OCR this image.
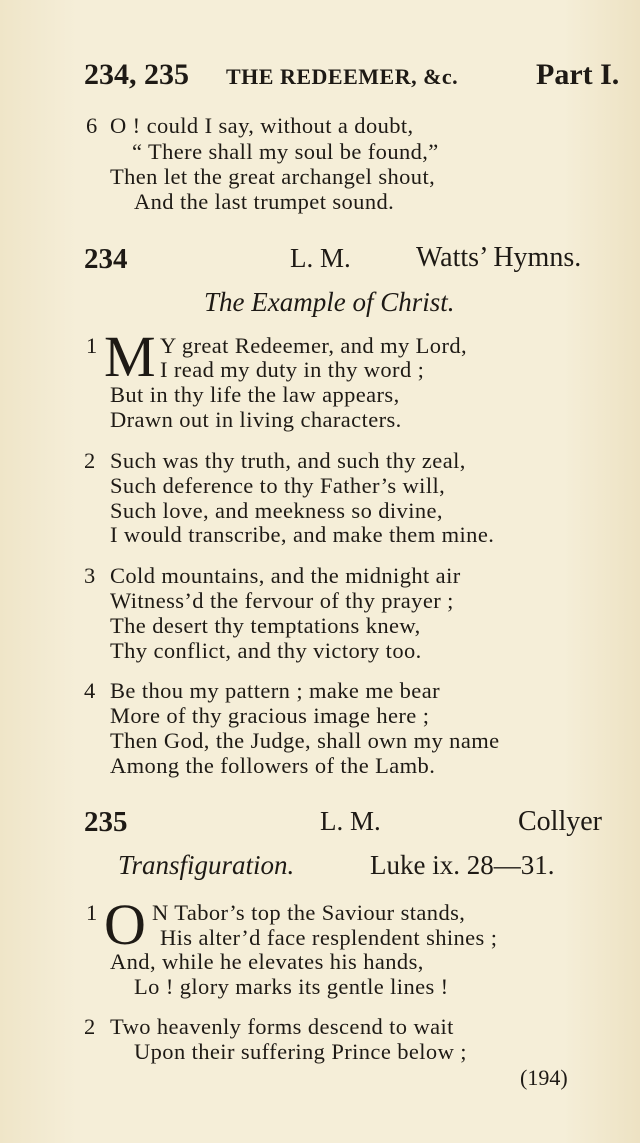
234, 235 THE REDEEMER, &c.	Part I.
6 O ! could I say, without a doubt,
“ There shall my soul be found,”
Then let the great archangel shout,
And the last trumpet sound.
234	L. M. Watts’ Hymns.
The Example of Christ.
1 M Y great Redeemer, and my Lord,
I read my duty in thy word ;
But in thy life the law appears,
Drawn out in living characters.
2 Such was thy truth, and such thy zeal,
Such deference to thy Father’s will,
Such love, and meekness so divine,
I would transcribe, and make them mine.
3 Cold mountains, and the midnight air
Witness’d the fervour of thy prayer ;
The desert thy temptations knew,
Thy conflict, and thy victory too.
4 Be thou my pattern ; make me bear
More of thy gracious image here ;
Then God, the Judge, shall own my name
Among the followers of the Lamb.
235	L. M.	Collyer
Transfiguration.	Luke ix. 28—31.
1 O N Tabor’s top the Saviour stands,
His alter’d face resplendent shines ;
And, while he elevates his hands,
Lo ! glory marks its gentle lines !
2 Two heavenly forms descend to wait
Upon their suffering Prince below ;
(194)
